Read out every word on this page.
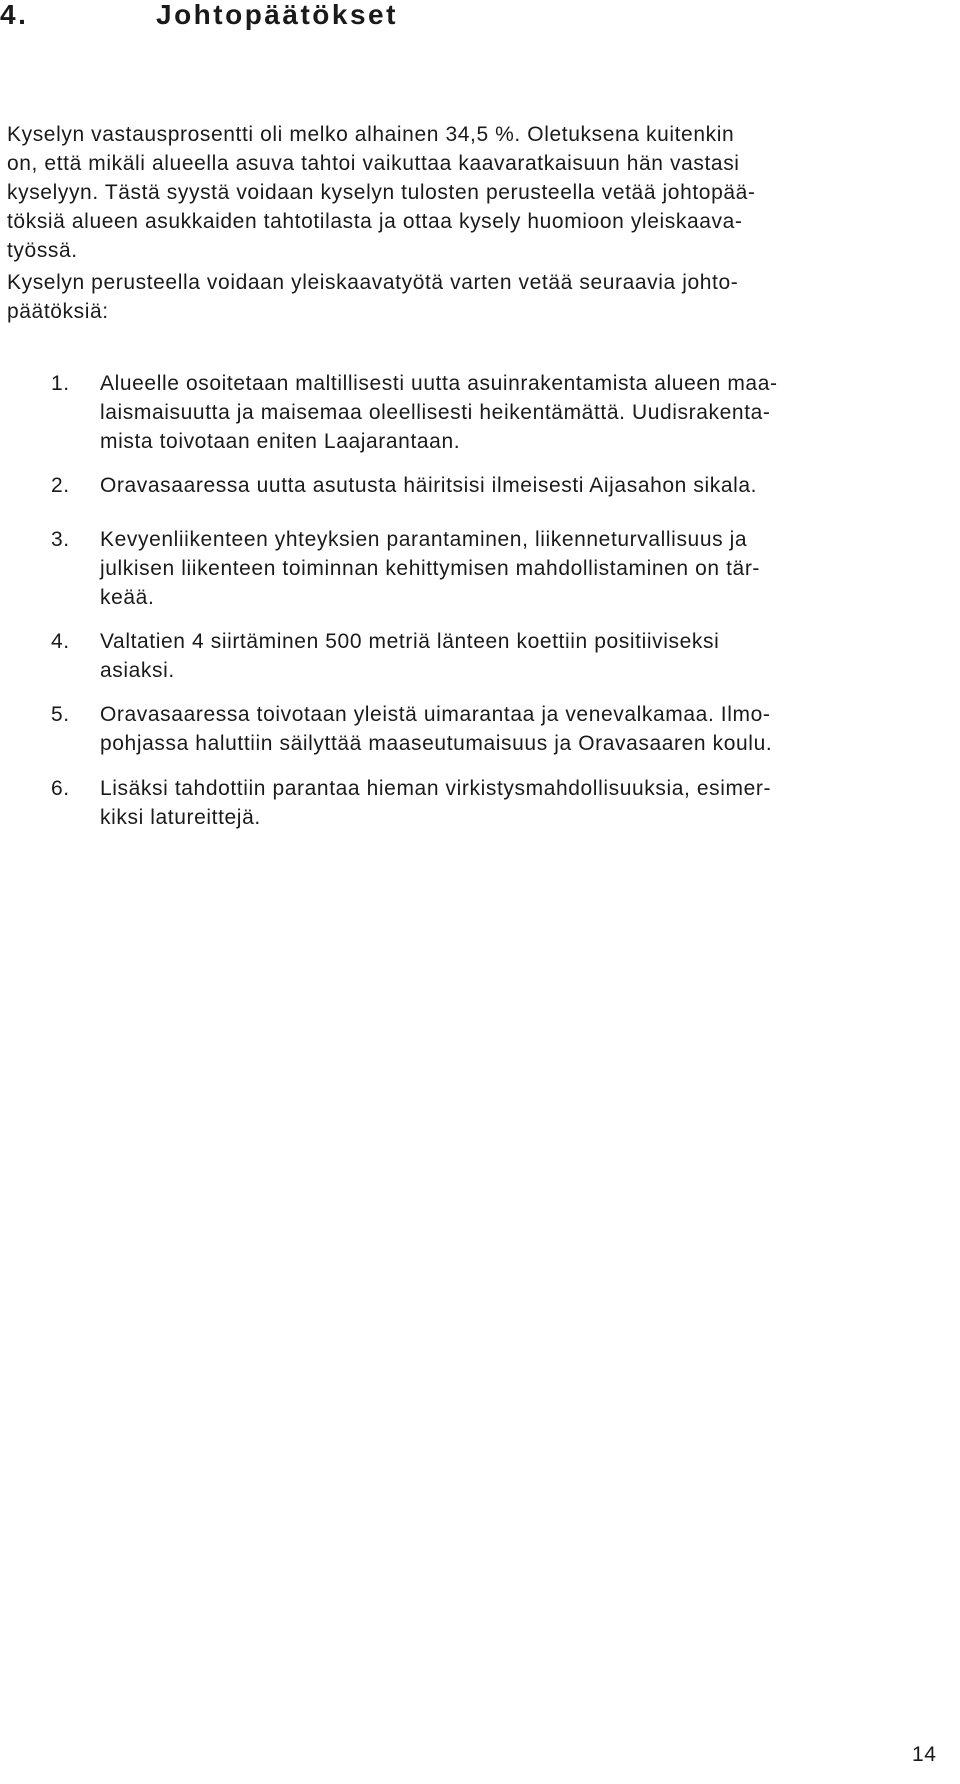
4.	Johtopäätökset

Kyselyn vastausprosentti oli melko alhainen 34,5 %. Oletuksena kuitenkin
on, että mikäli alueella asuva tahtoi vaikuttaa kaavaratkaisuun hän vastasi
kyselyyn. Tästä syystä voidaan kyselyn tulosten perusteella vetää johtopää-
töksiä alueen asukkaiden tahtotilasta ja ottaa kysely huomioon yleiskaava-
työssä.

Kyselyn perusteella voidaan yleiskaavatyötä varten vetää seuraavia johto-
päätöksiä:

1. Alueelle osoitetaan maltillisesti uutta asuinrakentamista alueen maa-
laismaisuutta ja maisemaa oleellisesti heikentämättä. Uudisrakenta-
mista toivotaan eniten Laajarantaan.
2. Oravasaaressa uutta asutusta häiritsisi ilmeisesti Aijasahon sikala.
3. Kevyenliikenteen yhteyksien parantaminen, liikenneturvallisuus ja
julkisen liikenteen toiminnan kehittymisen mahdollistaminen on tär-
keää.
4. Valtatien 4 siirtäminen 500 metriä länteen koettiin positiiviseksi
asiaksi.
5. Oravasaaressa toivotaan yleistä uimarantaa ja venevalkamaa. Ilmo-
pohjassa haluttiin säilyttää maaseutumaisuus ja Oravasaaren koulu.
6. Lisäksi tahdottiin parantaa hieman virkistysmahdollisuuksia, esimer-
kiksi latureittejä.
14
